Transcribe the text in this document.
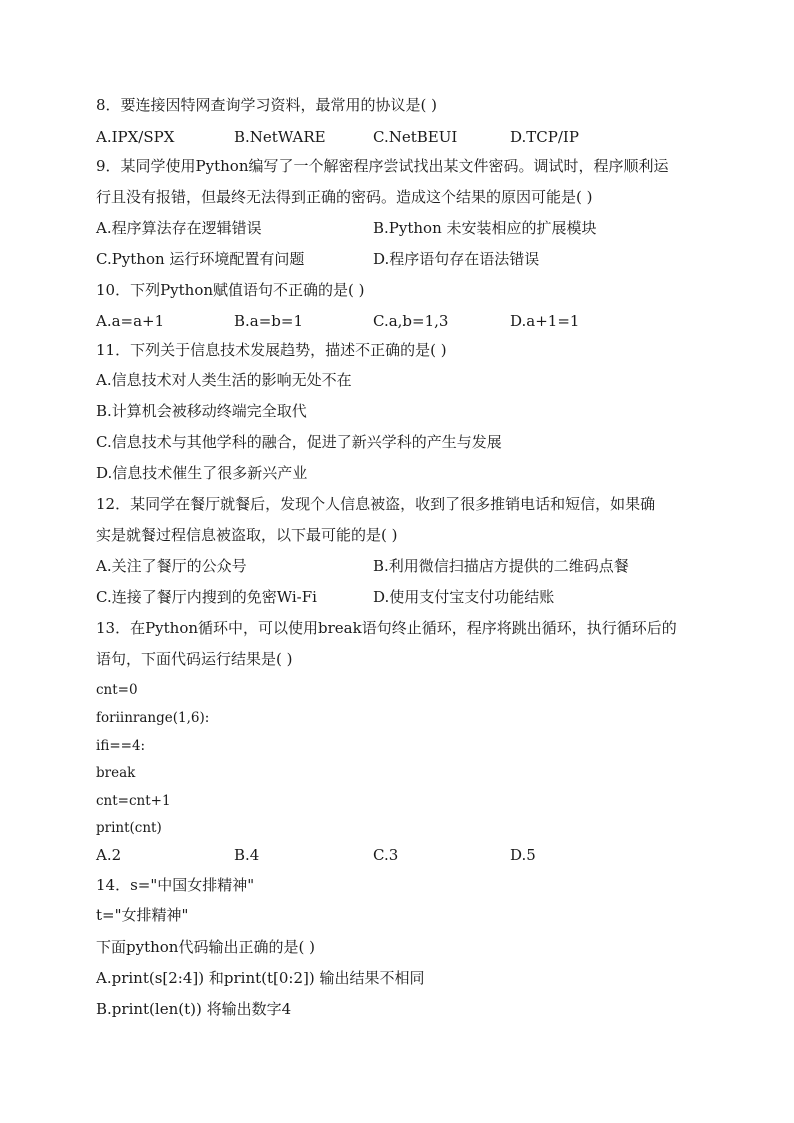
8．要连接因特网查询学习资料，最常用的协议是( )
A.IPX/SPX	B.NetWARE	C.NetBEUI	D.TCP/IP
9．某同学使用Python编写了一个解密程序尝试找出某文件密码。调试时，程序顺利运
行且没有报错，但最终无法得到正确的密码。造成这个结果的原因可能是( )
A.程序算法存在逻辑错误	B.Python 未安装相应的扩展模块
C.Python 运行环境配置有问题	D.程序语句存在语法错误
10．下列Python赋值语句不正确的是( )
A.a=a+1	B.a=b=1	C.a,b=1,3	D.a+1=1
11．下列关于信息技术发展趋势，描述不正确的是( )
A.信息技术对人类生活的影响无处不在
B.计算机会被移动终端完全取代
C.信息技术与其他学科的融合，促进了新兴学科的产生与发展
D.信息技术催生了很多新兴产业
12．某同学在餐厅就餐后，发现个人信息被盗，收到了很多推销电话和短信，如果确
实是就餐过程信息被盗取，以下最可能的是( )
A.关注了餐厅的公众号	B.利用微信扫描店方提供的二维码点餐
C.连接了餐厅内搜到的免密Wi-Fi	D.使用支付宝支付功能结账
13．在Python循环中，可以使用break语句终止循环，程序将跳出循环，执行循环后的
语句，下面代码运行结果是( )
cnt=0
foriinrange(1,6):
ifi==4:
break
cnt=cnt+1
print(cnt)
A.2	B.4	C.3	D.5
14．s="中国女排精神"
t="女排精神"
下面python代码输出正确的是( )
A.print(s[2:4]) 和print(t[0:2]) 输出结果不相同
B.print(len(t)) 将输出数字4
